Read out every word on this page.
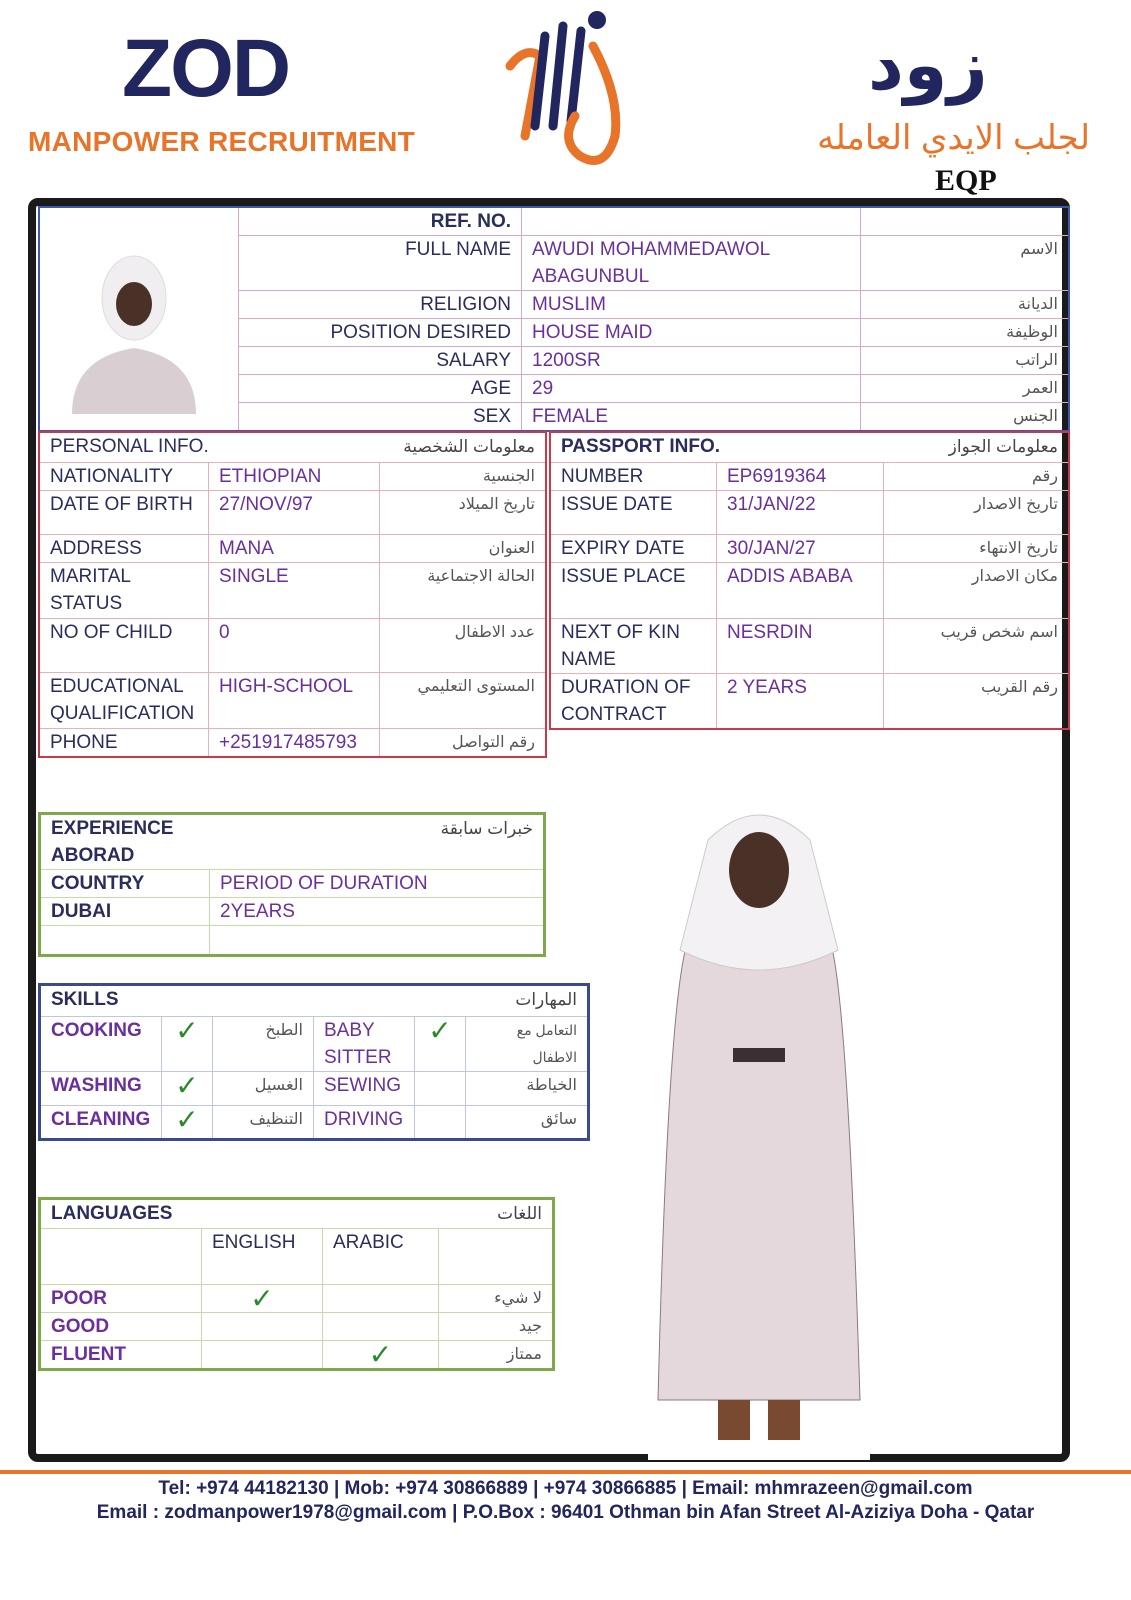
ZOD
MANPOWER RECRUITMENT
زود
لجلب الايدي العامله
EQP
	REF. NO.		
	FULL NAME	AWUDI MOHAMMEDAWOL ABAGUNBUL	الاسم
	RELIGION	MUSLIM	الديانة
	POSITION DESIRED	HOUSE MAID	الوظيفة
	SALARY	1200SR	الراتب
	AGE	29	العمر
	SEX	FEMALE	الجنس
PERSONAL INFO.		معلومات الشخصية
NATIONALITY	ETHIOPIAN	الجنسية
DATE OF BIRTH	27/NOV/97	تاريخ الميلاد
ADDRESS	MANA	العنوان
MARITAL STATUS	SINGLE	الحالة الاجتماعية
NO OF CHILD	0	عدد الاطفال
EDUCATIONAL QUALIFICATION	HIGH-SCHOOL	المستوى التعليمي
PHONE	+251917485793	رقم التواصل
PASSPORT INFO.		معلومات الجواز
NUMBER	EP6919364	رقم
ISSUE DATE	31/JAN/22	تاريخ الاصدار
EXPIRY DATE	30/JAN/27	تاريخ الانتهاء
ISSUE PLACE	ADDIS ABABA	مكان الاصدار
NEXT OF KIN NAME	NESRDIN	اسم شخص قريب
DURATION OF CONTRACT	2 YEARS	رقم القريب
EXPERIENCE ABORAD	خبرات سابقة
COUNTRY	PERIOD OF DURATION
DUBAI	2YEARS

SKILLS				المهارات	
COOKING	✓	الطبخ	BABY SITTER	✓	التعامل مع الاطفال
WASHING	✓	الغسيل	SEWING		الخياطة
CLEANING	✓	التنظيف	DRIVING		سائق
LANGUAGES			اللغات
	ENGLISH	ARABIC	
POOR	✓		لا شيء
GOOD			جيد
FLUENT		✓	ممتاز
Tel: +974 44182130 | Mob: +974 30866889 | +974 30866885 | Email: mhmrazeen@gmail.com
Email : zodmanpower1978@gmail.com | P.O.Box : 96401 Othman bin Afan Street Al-Aziziya Doha - Qatar
